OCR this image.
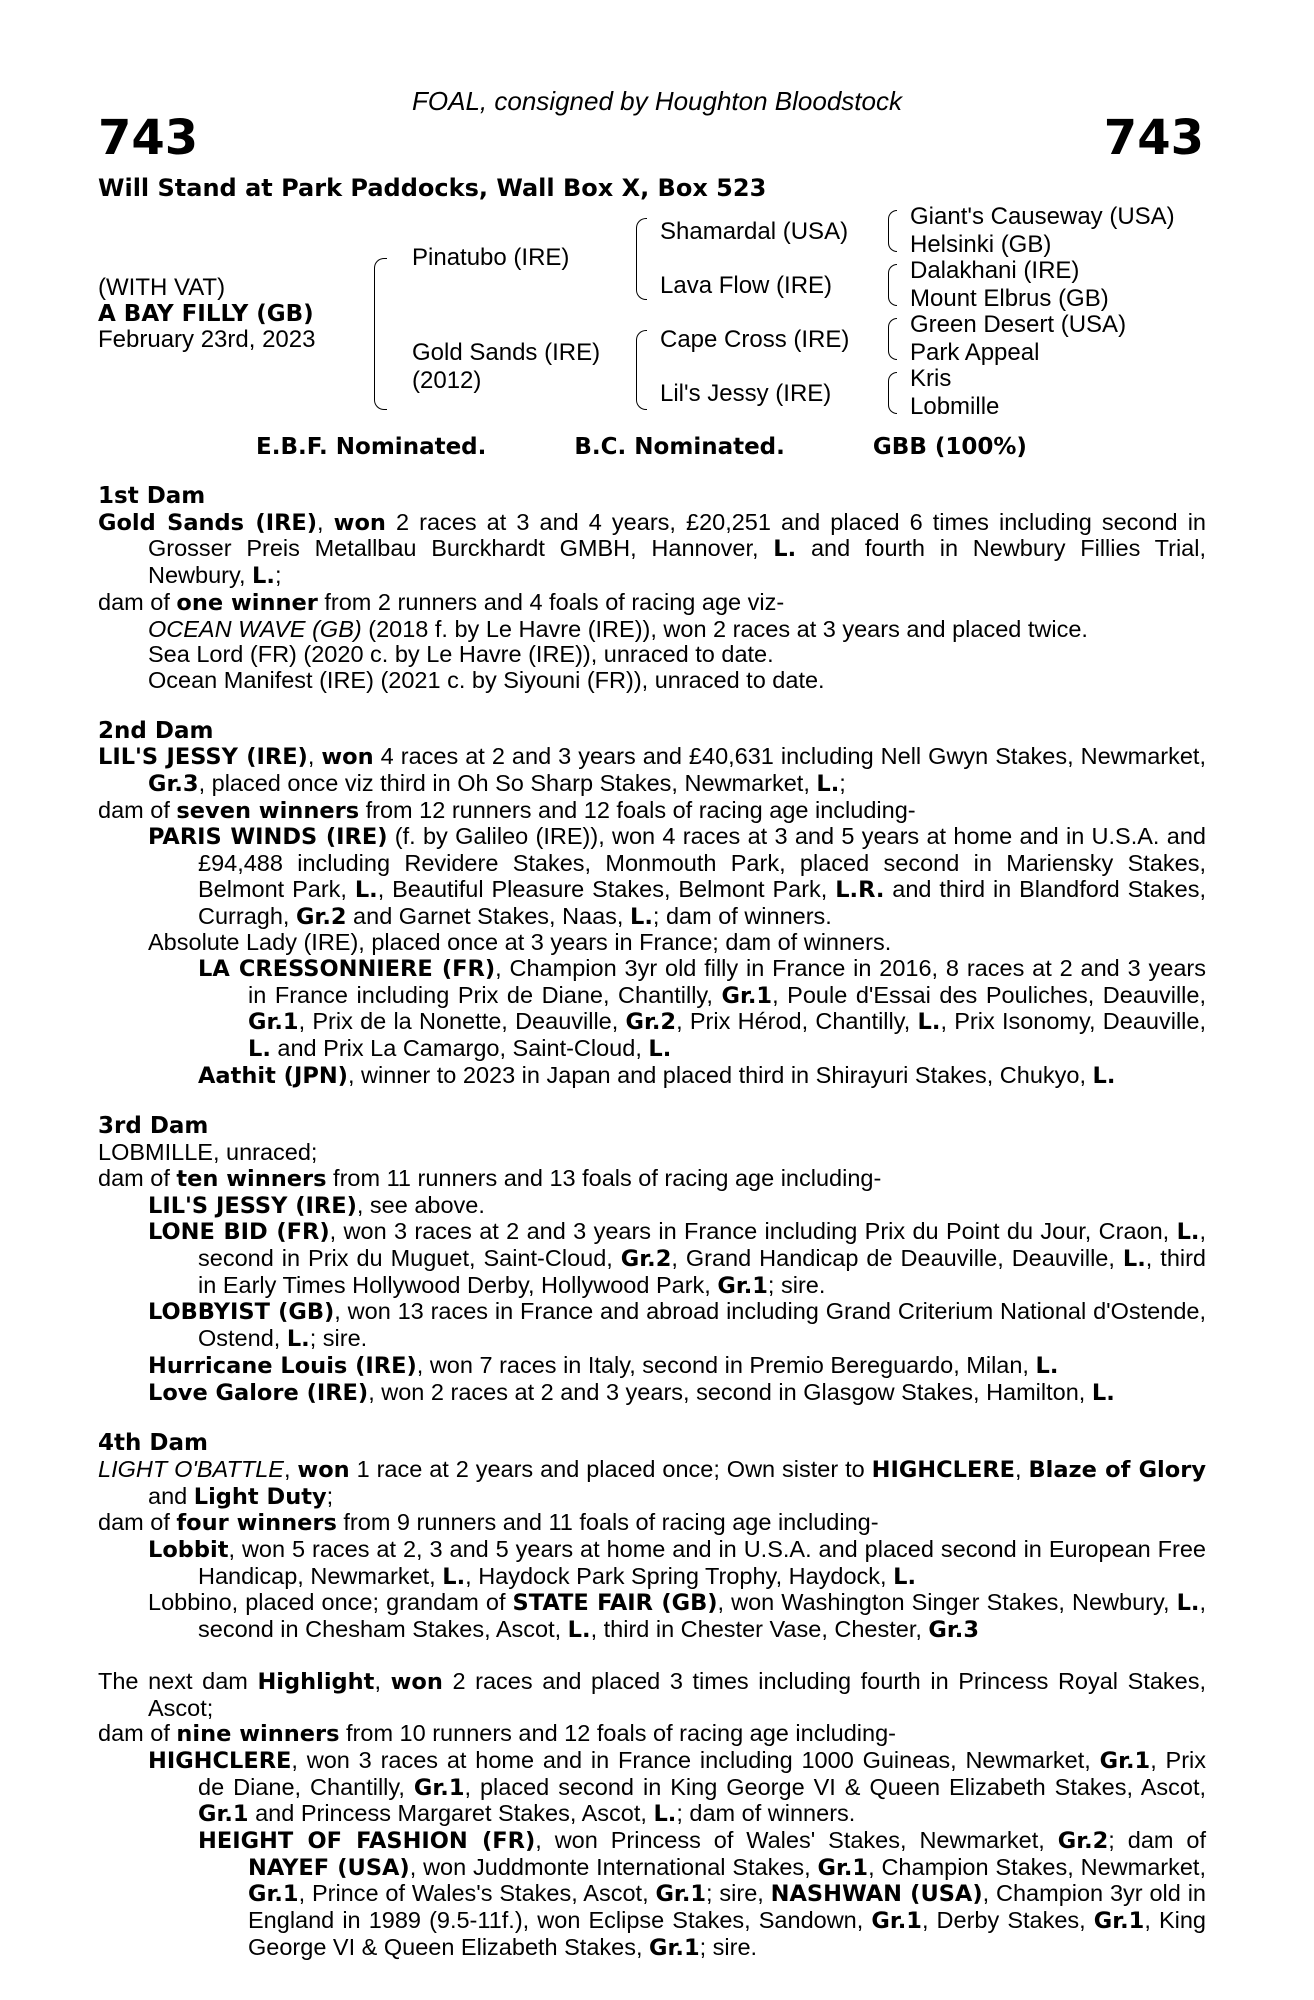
FOAL, consigned by Houghton Bloodstock
743	743
Will Stand at Park Paddocks, Wall Box X, Box 523
(WITH VAT)
A BAY FILLY (GB)
February 23rd, 2023
Pinatubo (IRE)
Gold Sands (IRE)
(2012)
Shamardal (USA)
Lava Flow (IRE)
Cape Cross (IRE)
Lil's Jessy (IRE)
Giant's Causeway (USA)
Helsinki (GB)
Dalakhani (IRE)
Mount Elbrus (GB)
Green Desert (USA)
Park Appeal
Kris
Lobmille
E.B.F. Nominated.	B.C. Nominated.	GBB (100%)
1st Dam
Gold Sands (IRE), won 2 races at 3 and 4 years, £20,251 and placed 6 times including second in Grosser Preis Metallbau Burckhardt GMBH, Hannover, L. and fourth in Newbury Fillies Trial, Newbury, L.;
dam of one winner from 2 runners and 4 foals of racing age viz-
OCEAN WAVE (GB) (2018 f. by Le Havre (IRE)), won 2 races at 3 years and placed twice.
Sea Lord (FR) (2020 c. by Le Havre (IRE)), unraced to date.
Ocean Manifest (IRE) (2021 c. by Siyouni (FR)), unraced to date.
2nd Dam
LIL'S JESSY (IRE), won 4 races at 2 and 3 years and £40,631 including Nell Gwyn Stakes, Newmarket, Gr.3, placed once viz third in Oh So Sharp Stakes, Newmarket, L.;
dam of seven winners from 12 runners and 12 foals of racing age including-
PARIS WINDS (IRE) (f. by Galileo (IRE)), won 4 races at 3 and 5 years at home and in U.S.A. and £94,488 including Revidere Stakes, Monmouth Park, placed second in Mariensky Stakes, Belmont Park, L., Beautiful Pleasure Stakes, Belmont Park, L.R. and third in Blandford Stakes, Curragh, Gr.2 and Garnet Stakes, Naas, L.; dam of winners.
Absolute Lady (IRE), placed once at 3 years in France; dam of winners.
LA CRESSONNIERE (FR), Champion 3yr old filly in France in 2016, 8 races at 2 and 3 years in France including Prix de Diane, Chantilly, Gr.1, Poule d'Essai des Pouliches, Deauville, Gr.1, Prix de la Nonette, Deauville, Gr.2, Prix Hérod, Chantilly, L., Prix Isonomy, Deauville, L. and Prix La Camargo, Saint-Cloud, L.
Aathit (JPN), winner to 2023 in Japan and placed third in Shirayuri Stakes, Chukyo, L.
3rd Dam
LOBMILLE, unraced;
dam of ten winners from 11 runners and 13 foals of racing age including-
LIL'S JESSY (IRE), see above.
LONE BID (FR), won 3 races at 2 and 3 years in France including Prix du Point du Jour, Craon, L., second in Prix du Muguet, Saint-Cloud, Gr.2, Grand Handicap de Deauville, Deauville, L., third in Early Times Hollywood Derby, Hollywood Park, Gr.1; sire.
LOBBYIST (GB), won 13 races in France and abroad including Grand Criterium National d'Ostende, Ostend, L.; sire.
Hurricane Louis (IRE), won 7 races in Italy, second in Premio Bereguardo, Milan, L.
Love Galore (IRE), won 2 races at 2 and 3 years, second in Glasgow Stakes, Hamilton, L.
4th Dam
LIGHT O'BATTLE, won 1 race at 2 years and placed once; Own sister to HIGHCLERE, Blaze of Glory and Light Duty;
dam of four winners from 9 runners and 11 foals of racing age including-
Lobbit, won 5 races at 2, 3 and 5 years at home and in U.S.A. and placed second in European Free Handicap, Newmarket, L., Haydock Park Spring Trophy, Haydock, L.
Lobbino, placed once; grandam of STATE FAIR (GB), won Washington Singer Stakes, Newbury, L., second in Chesham Stakes, Ascot, L., third in Chester Vase, Chester, Gr.3
The next dam Highlight, won 2 races and placed 3 times including fourth in Princess Royal Stakes, Ascot;
dam of nine winners from 10 runners and 12 foals of racing age including-
HIGHCLERE, won 3 races at home and in France including 1000 Guineas, Newmarket, Gr.1, Prix de Diane, Chantilly, Gr.1, placed second in King George VI & Queen Elizabeth Stakes, Ascot, Gr.1 and Princess Margaret Stakes, Ascot, L.; dam of winners.
HEIGHT OF FASHION (FR), won Princess of Wales' Stakes, Newmarket, Gr.2; dam of NAYEF (USA), won Juddmonte International Stakes, Gr.1, Champion Stakes, Newmarket, Gr.1, Prince of Wales's Stakes, Ascot, Gr.1; sire, NASHWAN (USA), Champion 3yr old in England in 1989 (9.5-11f.), won Eclipse Stakes, Sandown, Gr.1, Derby Stakes, Gr.1, King George VI & Queen Elizabeth Stakes, Gr.1; sire.
